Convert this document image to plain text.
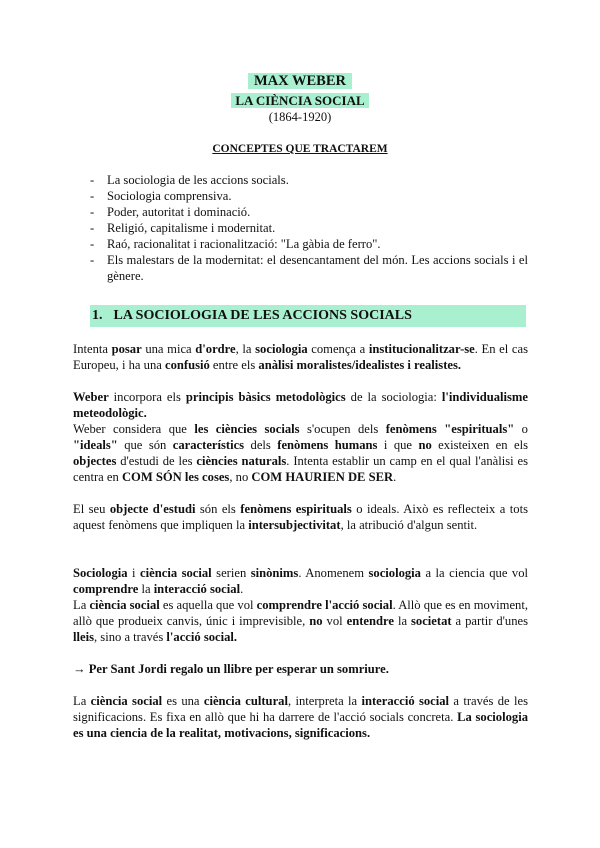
MAX WEBER
LA CIÈNCIA SOCIAL
(1864-1920)
CONCEPTES QUE TRACTAREM
- La sociologia de les accions socials.
- Sociologia comprensiva.
- Poder, autoritat i dominació.
- Religió, capitalisme i modernitat.
- Raó, racionalitat i racionalització: "La gàbia de ferro".
- Els malestars de la modernitat: el desencantament del món. Les accions socials i el gènere.
1. LA SOCIOLOGIA DE LES ACCIONS SOCIALS

Intenta posar una mica d'ordre, la sociologia comença a institucionalitzar-se. En el cas Europeu, i ha una confusió entre els anàlisi moralistes/idealistes i realistes.

Weber incorpora els principis bàsics metodològics de la sociologia: l'individualisme meteodològic.

Weber considera que les ciències socials s'ocupen dels fenòmens "espirituals" o "ideals" que són característics dels fenòmens humans i que no existeixen en els objectes d'estudi de les ciències naturals. Intenta establir un camp en el qual l'anàlisi es centra en COM SÓN les coses, no COM HAURIEN DE SER.

El seu objecte d'estudi són els fenòmens espirituals o ideals. Això es reflecteix a tots aquest fenòmens que impliquen la intersubjectivitat, la atribució d'algun sentit.

Sociologia i ciència social serien sinònims. Anomenem sociologia a la ciencia que vol comprendre la interacció social.

La ciència social es aquella que vol comprendre l'acció social. Allò que es en moviment, allò que produeix canvis, únic i imprevisible, no vol entendre la societat a partir d'unes lleis, sino a través l'acció social.

→ Per Sant Jordi regalo un llibre per esperar un somriure.

La ciència social es una ciència cultural, interpreta la interacció social a través de les significacions. Es fixa en allò que hi ha darrere de l'acció socials concreta. La sociologia es una ciencia de la realitat, motivacions, significacions.
